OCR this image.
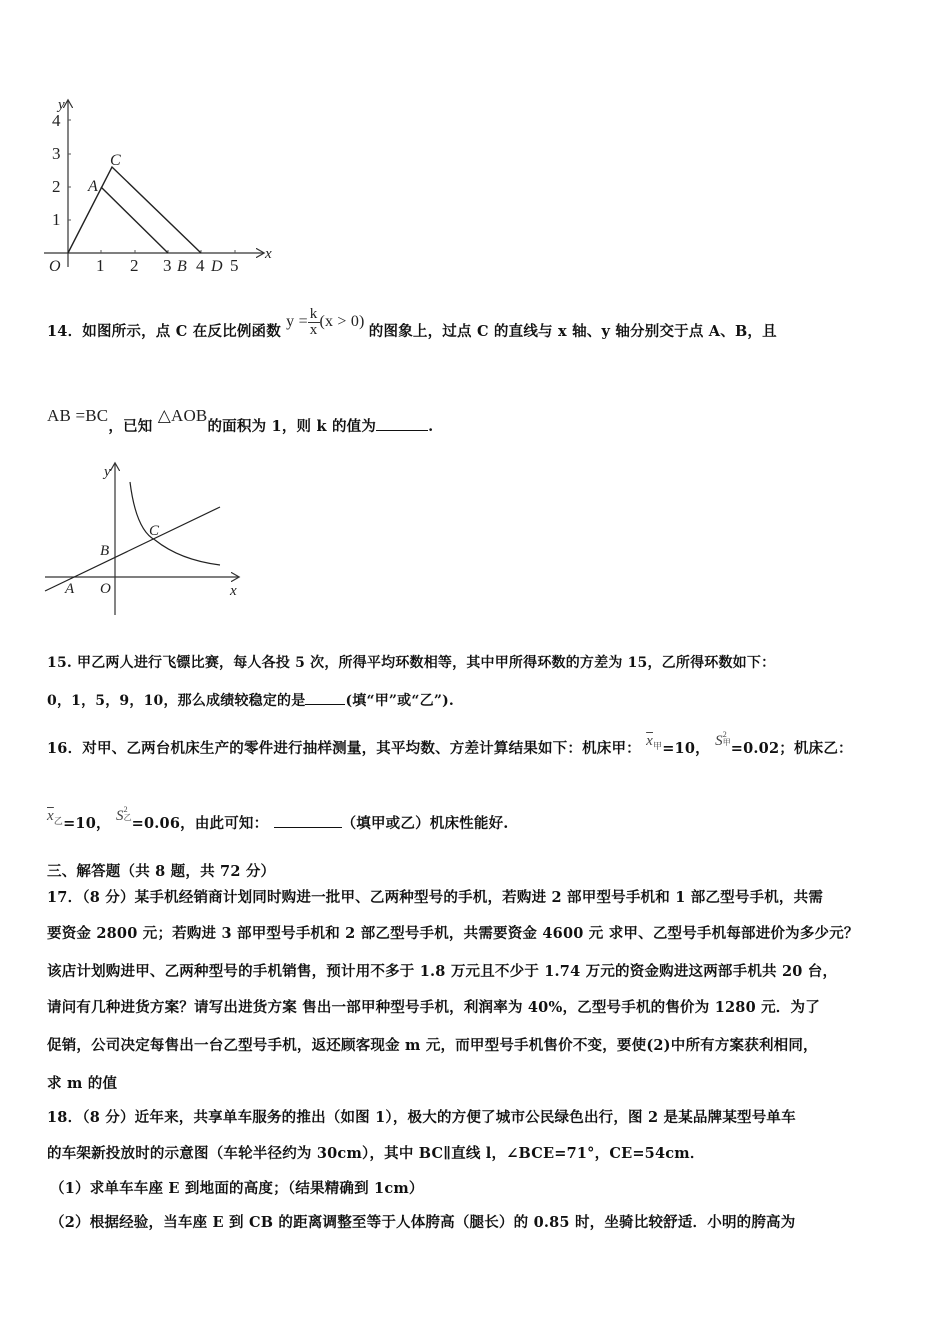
1
2
3
4
1 2 3 4 5
O
x
y
A
C
B D
14．如图所示，点 C 在反比例函数 $y = \frac{k}{x} (x > 0)$ 的图象上，过点 C 的直线与 x 轴、y 轴分别交于点 A、B，且
AB =BC，已知 △AOB的面积为 1，则 k 的值为	.
y
x
O
A
B
C
15. 甲乙两人进行飞镖比赛，每人各投 5 次，所得平均环数相等，其中甲所得环数的方差为 15，乙所得环数如下：
0，1，5，9，10，那么成绩较稳定的是	(填“甲”或“乙”).
16．对甲、乙两台机床生产的零件进行抽样测量，其平均数、方差计算结果如下：机床甲： $\overline{x}^甲=10$， S 2
甲 =0.02；机床乙：
$\overline{x}^乙=10$， S 2
乙 =0.06，由此可知：	（填甲或乙）机床性能好.
三、解答题（共 8 题，共 72 分）
17．（8 分）某手机经销商计划同时购进一批甲、乙两种型号的手机，若购进 2 部甲型号手机和 1 部乙型号手机，共需
要资金 2800 元；若购进 3 部甲型号手机和 2 部乙型号手机，共需要资金 4600 元 求甲、乙型号手机每部进价为多少元？
该店计划购进甲、乙两种型号的手机销售，预计用不多于 1.8 万元且不少于 1.74 万元的资金购进这两部手机共 20 台，
请问有几种进货方案？请写出进货方案 售出一部甲种型号手机，利润率为 40%，乙型号手机的售价为 1280 元．为了
促销，公司决定每售出一台乙型号手机，返还顾客现金 m 元，而甲型号手机售价不变，要使(2)中所有方案获利相同，
求 m 的值
18．（8 分）近年来，共享单车服务的推出（如图 1），极大的方便了城市公民绿色出行，图 2 是某品牌某型号单车
的车架新投放时的示意图（车轮半径约为 30cm），其中 BC∥直线 l，∠BCE=71°，CE=54cm．
（1）求单车车座 E 到地面的高度；（结果精确到 1cm）
（2）根据经验，当车座 E 到 CB 的距离调整至等于人体胯高（腿长）的 0.85 时，坐骑比较舒适．小明的胯高为
